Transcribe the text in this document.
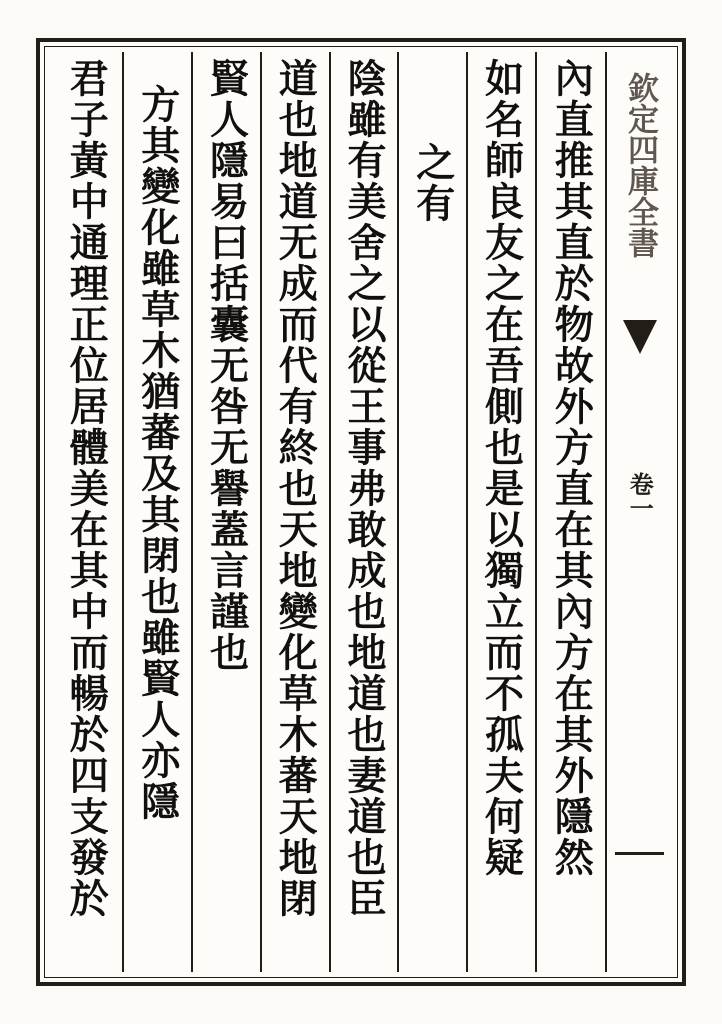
欽定四庫全書
卷一
內直推其直於物故外方直在其內方在其外隱然
如名師良友之在吾側也是以獨立而不孤夫何疑
之有
陰雖有美舍之以從王事弗敢成也地道也妻道也臣
道也地道无成而代有終也天地變化草木蕃天地閉
賢人隱易曰括囊无咎无譽蓋言謹也
方其變化雖草木猶蕃及其閉也雖賢人亦隱
君子黃中通理正位居體美在其中而暢於四支發於
